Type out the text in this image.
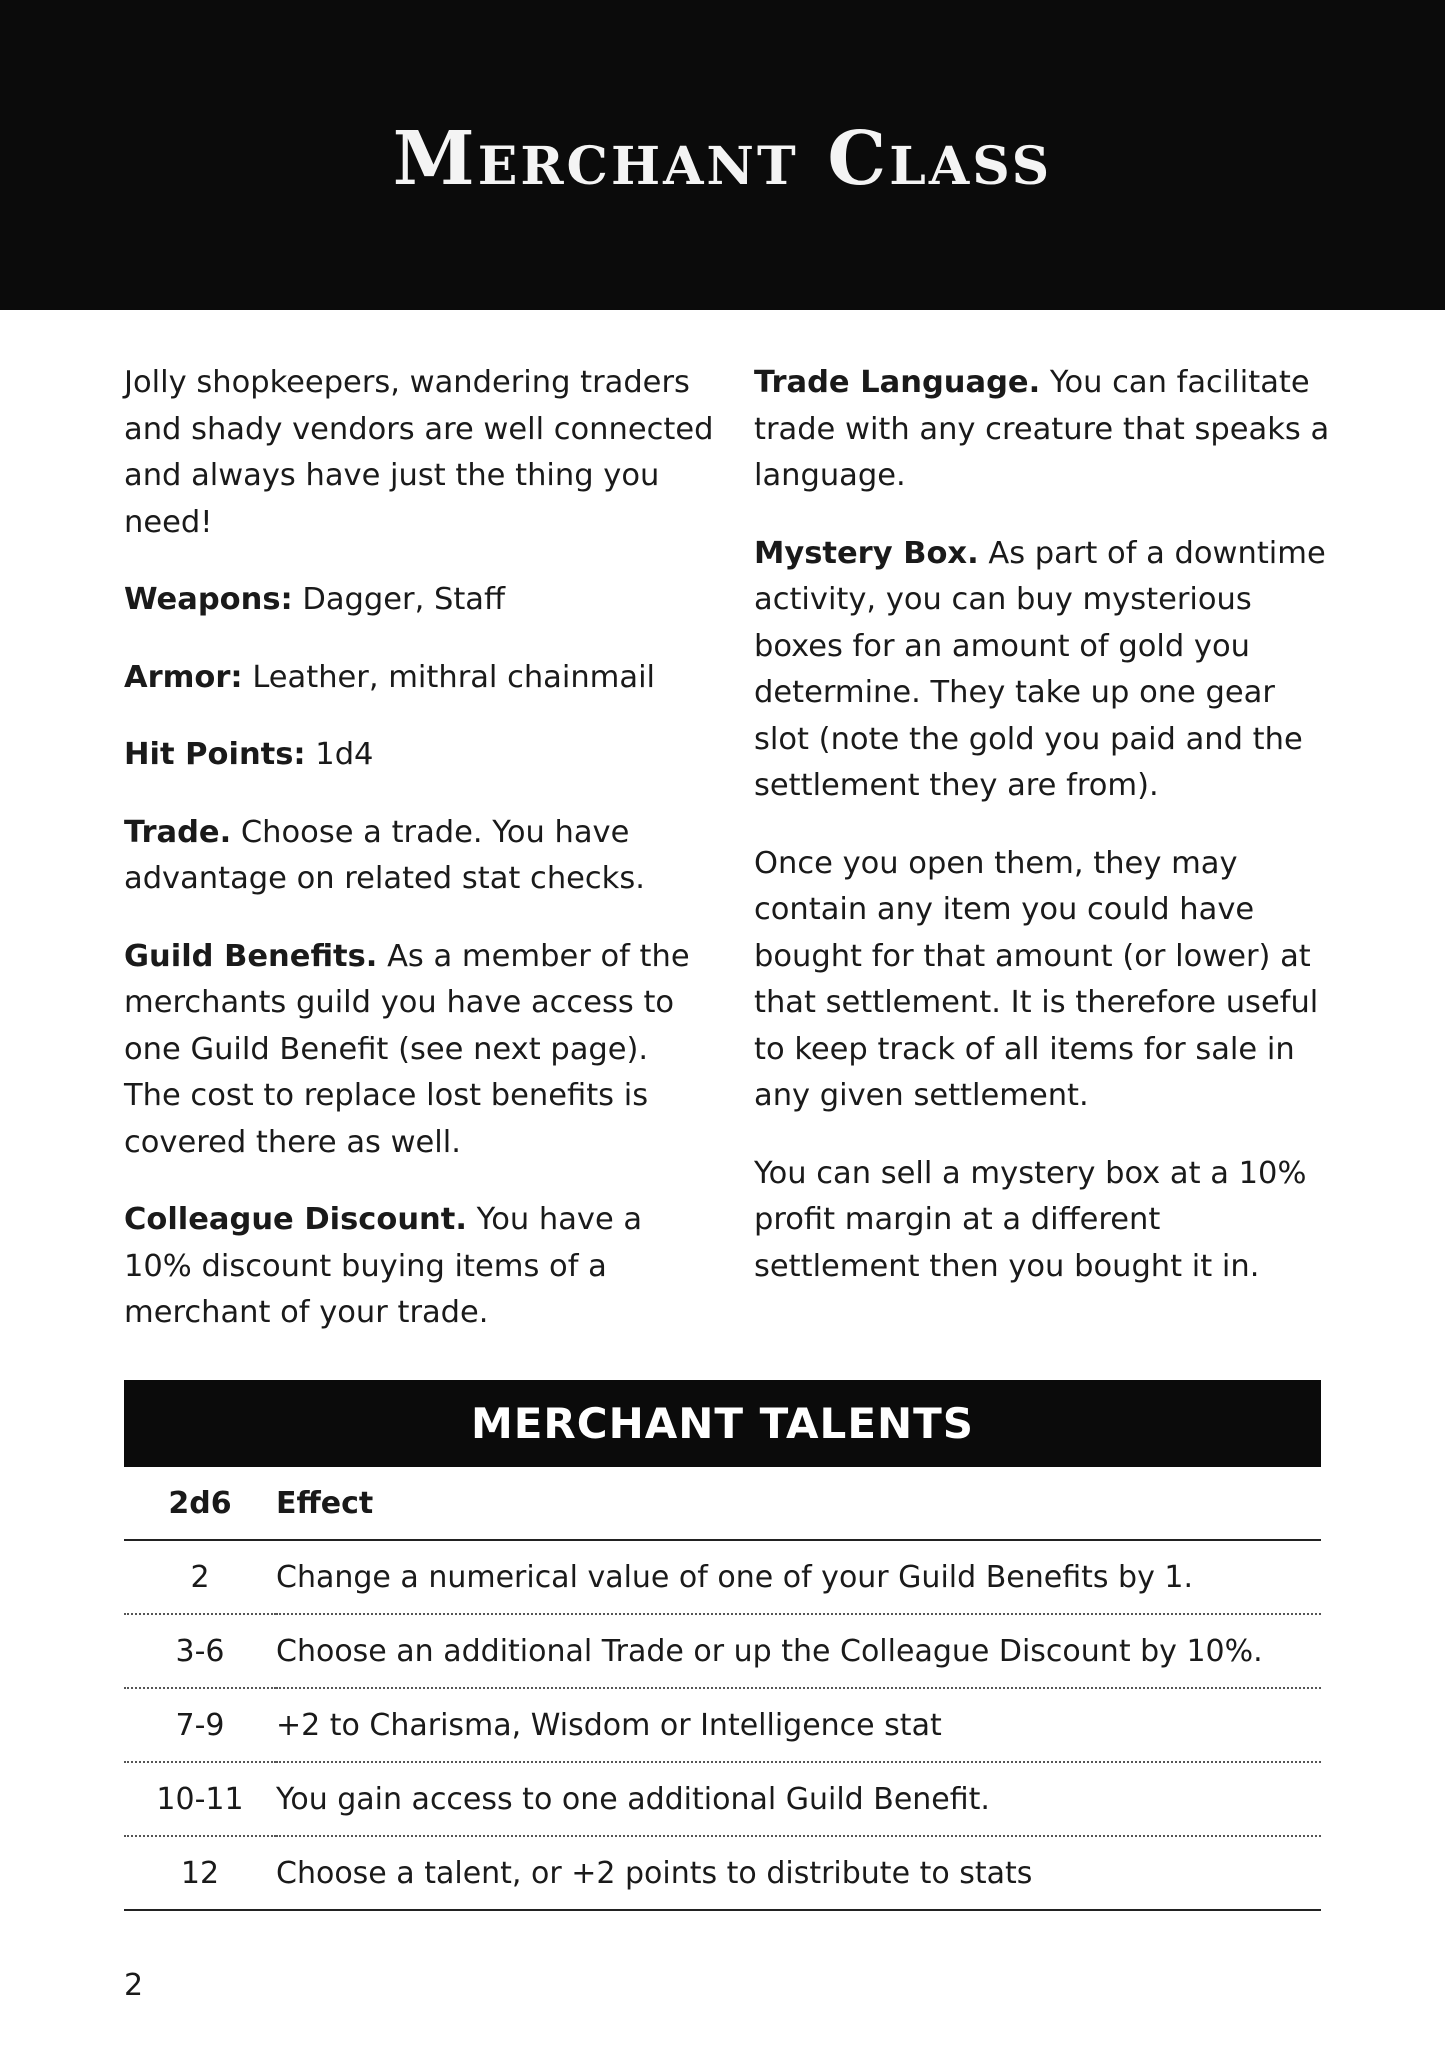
Merchant Class

Jolly shopkeepers, wandering traders and shady vendors are well connected and always have just the thing you need!

Weapons: Dagger, Staff

Armor: Leather, mithral chainmail

Hit Points: 1d4

Trade. Choose a trade. You have advantage on related stat checks.

Guild Benefits. As a member of the merchants guild you have access to one Guild Benefit (see next page). The cost to replace lost benefits is covered there as well.

Colleague Discount. You have a 10% discount buying items of a merchant of your trade.

Trade Language. You can facilitate trade with any creature that speaks a language.

Mystery Box. As part of a downtime activity, you can buy mysterious boxes for an amount of gold you determine. They take up one gear slot (note the gold you paid and the settlement they are from).

Once you open them, they may contain any item you could have bought for that amount (or lower) at that settlement. It is therefore useful to keep track of all items for sale in any given settlement.

You can sell a mystery box at a 10% profit margin at a different settlement then you bought it in.

MERCHANT TALENTS
2d6	Effect
2	Change a numerical value of one of your Guild Benefits by 1.
3-6	Choose an additional Trade or up the Colleague Discount by 10%.
7-9	+2 to Charisma, Wisdom or Intelligence stat
10-11	You gain access to one additional Guild Benefit.
12	Choose a talent, or +2 points to distribute to stats
2
